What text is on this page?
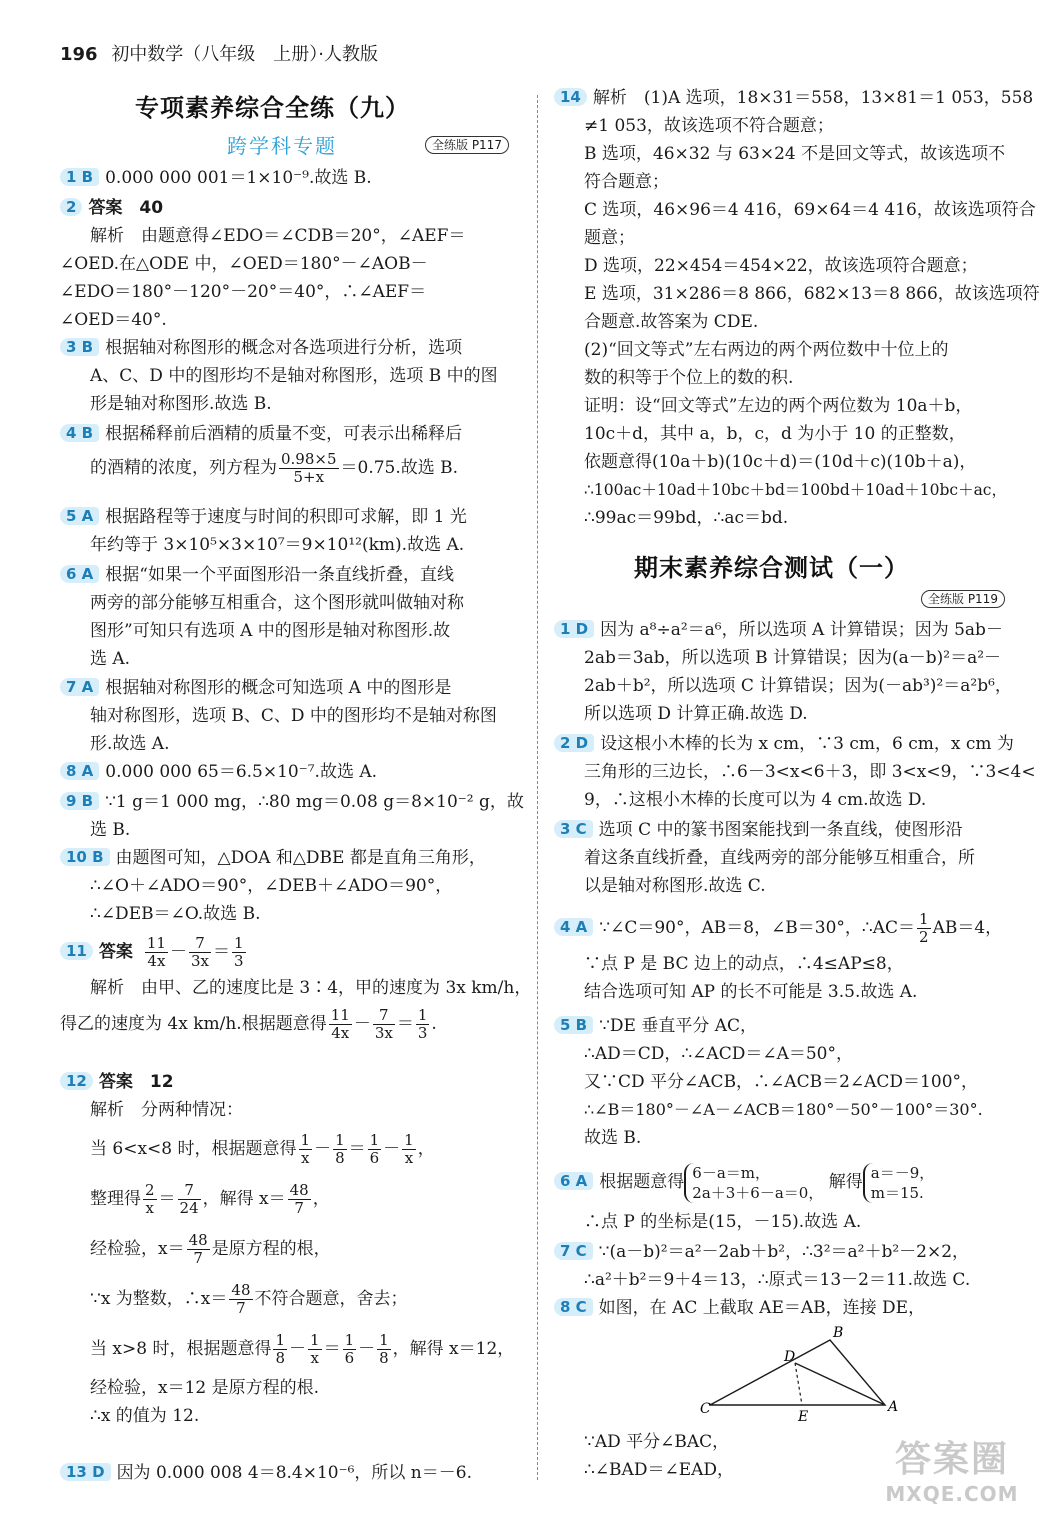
196 初中数学（八年级　上册）·人教版
专项素养综合全练（九）
跨学科专题	全练版 P117
1 B 0.000 000 001＝1×10⁻⁹.故选 B.
2 答案　40
解析　由题意得∠EDO＝∠CDB＝20°，∠AEF＝
∠OED.在△ODE 中，∠OED＝180°－∠AOB－
∠EDO＝180°－120°－20°＝40°，∴∠AEF＝
∠OED＝40°.
3 B 根据轴对称图形的概念对各选项进行分析，选项
A、C、D 中的图形均不是轴对称图形，选项 B 中的图
形是轴对称图形.故选 B.
4 B 根据稀释前后酒精的质量不变，可表示出稀释后
的酒精的浓度，列方程为 $\frac{0.98\times 5}{5+x} =0.75$.故选 B.
5 A 根据路程等于速度与时间的积即可求解，即 1 光
年约等于 3×10⁵×3×10⁷＝9×10¹²(km).故选 A.
6 A 根据“如果一个平面图形沿一条直线折叠，直线
两旁的部分能够互相重合，这个图形就叫做轴对称
图形”可知只有选项 A 中的图形是轴对称图形.故
选 A.
7 A 根据轴对称图形的概念可知选项 A 中的图形是
轴对称图形，选项 B、C、D 中的图形均不是轴对称图
形.故选 A.
8 A 0.000 000 65＝6.5×10⁻⁷.故选 A.
9 B ∵1 g＝1 000 mg，∴80 mg＝0.08 g＝8×10⁻² g，故
选 B.
10 B 由题图可知，△DOA 和△DBE 都是直角三角形，
∴∠O＋∠ADO＝90°，∠DEB＋∠ADO＝90°，
∴∠DEB＝∠O.故选 B.
11 答案 $\frac{11}{4x} - \frac{7}{3x} = \frac{1}{3}$
解析　由甲、乙的速度比是 3∶4，甲的速度为 3x km/h，
得乙的速度为 4x km/h.根据题意得 $\frac{11}{4x} - \frac{7}{3x} = \frac{1}{3}$ .
12 答案　12
解析　分两种情况：
当 6<x<8 时，根据题意得 $\frac{1}{x} - \frac{1}{8} = \frac{1}{6} - \frac{1}{x}$ ，
整理得 $\frac{2}{x} = \frac{7}{24}$ ，解得 $x= \frac{48}{7}$ ，
经检验，$x= \frac{48}{7}$ 是原方程的根，
∵x 为整数，∴x＝ $\frac{48}{7}$ 不符合题意，舍去；
当 x>8 时，根据题意得 $\frac{1}{8} - \frac{1}{x} = \frac{1}{6} - \frac{1}{8}$ ，解得 x＝12，
经检验，x＝12 是原方程的根.
∴x 的值为 12.
13 D 因为 0.000 008 4＝8.4×10⁻⁶，所以 n＝－6.
14 解析　(1)A 选项，18×31＝558，13×81＝1 053，558
≠1 053，故该选项不符合题意；
B 选项，46×32 与 63×24 不是回文等式，故该选项不
符合题意；
C 选项，46×96＝4 416，69×64＝4 416，故该选项符合
题意；
D 选项，22×454＝454×22，故该选项符合题意；
E 选项，31×286＝8 866，682×13＝8 866，故该选项符
合题意.故答案为 CDE.
(2)“回文等式”左右两边的两个两位数中十位上的
数的积等于个位上的数的积.
证明：设“回文等式”左边的两个两位数为 10a＋b，
10c＋d，其中 a，b，c，d 为小于 10 的正整数，
依题意得(10a＋b)(10c＋d)＝(10d＋c)(10b＋a)，
∴100ac＋10ad＋10bc＋bd＝100bd＋10ad＋10bc＋ac，
∴99ac＝99bd，∴ac＝bd.
期末素养综合测试（一）
全练版 P119
1 D 因为 a⁸÷a²＝a⁶，所以选项 A 计算错误；因为 5ab－
2ab＝3ab，所以选项 B 计算错误；因为(a－b)²＝a²－
2ab＋b²，所以选项 C 计算错误；因为(－ab³)²＝a²b⁶，
所以选项 D 计算正确.故选 D.
2 D 设这根小木棒的长为 x cm，∵3 cm，6 cm，x cm 为
三角形的三边长，∴6－3<x<6＋3，即 3<x<9，∵3<4<
9，∴这根小木棒的长度可以为 4 cm.故选 D.
3 C 选项 C 中的篆书图案能找到一条直线，使图形沿
着这条直线折叠，直线两旁的部分能够互相重合，所
以是轴对称图形.故选 C.
4 A ∵∠C＝90°，AB＝8，∠B＝30°，∴AC＝ $\frac{1}{2} AB=4$，
∵点 P 是 BC 边上的动点，∴4≤AP≤8，
结合选项可知 AP 的长不可能是 3.5.故选 A.
5 B ∵DE 垂直平分 AC，
∴AD＝CD，∴∠ACD＝∠A＝50°，
又∵CD 平分∠ACB，∴∠ACB＝2∠ACD＝100°，
∴∠B＝180°－∠A－∠ACB＝180°－50°－100°＝30°.
故选 B.
6 A 根据题意得 6－a＝m，
2a＋3＋6－a＝0，
解得 a＝－9，
m＝15.
∴点 P 的坐标是(15，－15).故选 A.
7 C ∵(a－b)²＝a²－2ab＋b²，∴3²＝a²＋b²－2×2，
∴a²＋b²＝9＋4＝13，∴原式＝13－2＝11.故选 C.
8 C 如图，在 AC 上截取 AE＝AB，连接 DE，
∵AD 平分∠BAC，
∴∠BAD＝∠EAD，
B
D
C	E
A
答案圈
MXQE.COM
